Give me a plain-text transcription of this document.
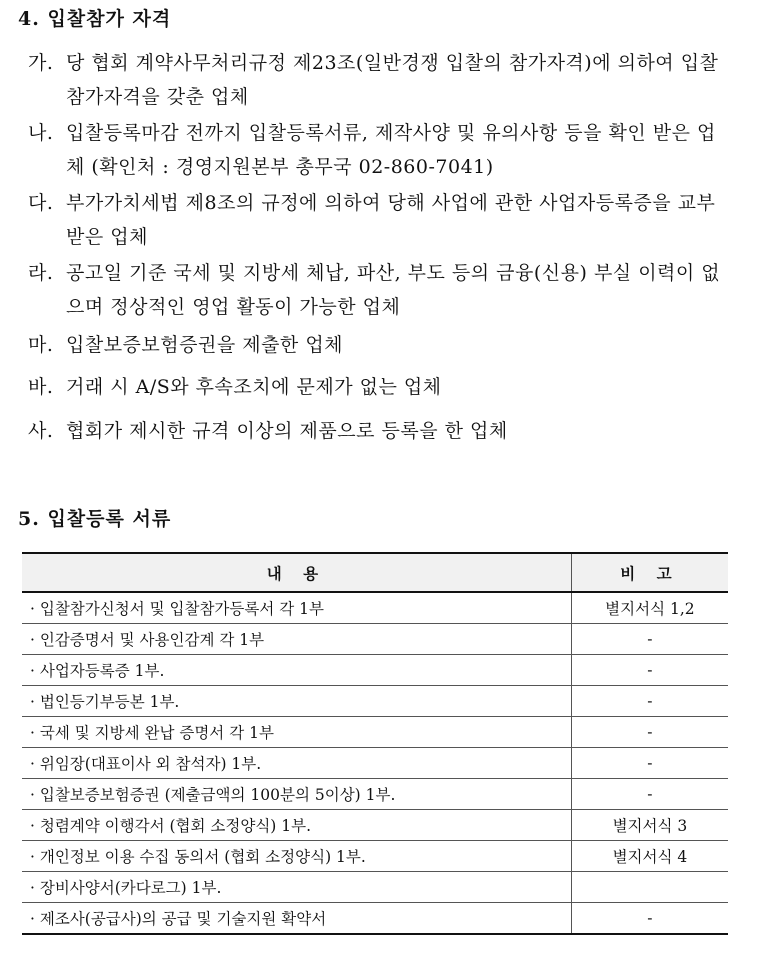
4. 입찰참가 자격
가. 당 협회 계약사무처리규정 제23조(일반경쟁 입찰의 참가자격)에 의하여 입찰참가자격을 갖춘 업체
나. 입찰등록마감 전까지 입찰등록서류, 제작사양 및 유의사항 등을 확인 받은 업체 (확인처 : 경영지원본부 총무국 02-860-7041)
다. 부가가치세법 제8조의 규정에 의하여 당해 사업에 관한 사업자등록증을 교부받은 업체
라. 공고일 기준 국세 및 지방세 체납, 파산, 부도 등의 금융(신용) 부실 이력이 없으며 정상적인 영업 활동이 가능한 업체
마. 입찰보증보험증권을 제출한 업체
바. 거래 시 A/S와 후속조치에 문제가 없는 업체
사. 협회가 제시한 규격 이상의 제품으로 등록을 한 업체
5. 입찰등록 서류
내 용	비 고
· 입찰참가신청서 및 입찰참가등록서 각 1부	별지서식 1,2
· 인감증명서 및 사용인감계 각 1부	-
· 사업자등록증 1부.	-
· 법인등기부등본 1부.	-
· 국세 및 지방세 완납 증명서 각 1부	-
· 위임장(대표이사 외 참석자) 1부.	-
· 입찰보증보험증권 (제출금액의 100분의 5이상) 1부.	-
· 청렴계약 이행각서 (협회 소정양식) 1부.	별지서식 3
· 개인정보 이용 수집 동의서 (협회 소정양식) 1부.	별지서식 4
· 장비사양서(카다로그) 1부.	
· 제조사(공급사)의 공급 및 기술지원 확약서	-
